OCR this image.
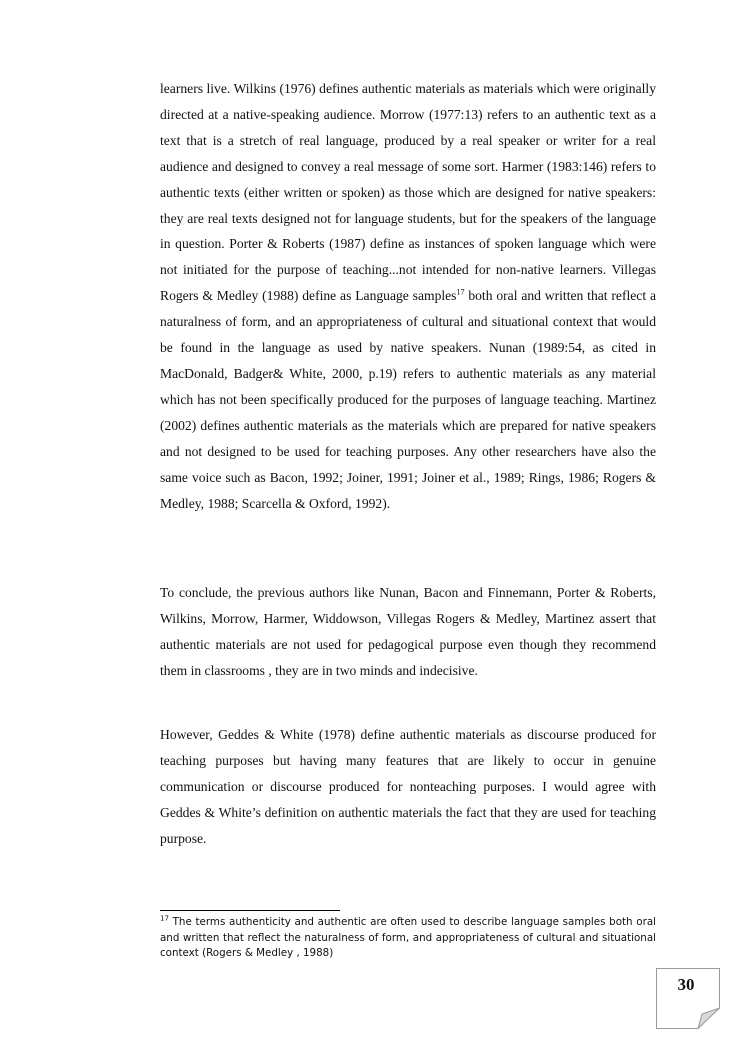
learners live. Wilkins (1976) defines authentic materials as materials which were originally directed at a native-speaking audience. Morrow (1977:13) refers to an authentic text as a text that is a stretch of real language, produced by a real speaker or writer for a real audience and designed to convey a real message of some sort. Harmer (1983:146) refers to authentic texts (either written or spoken) as those which are designed for native speakers: they are real texts designed not for language students, but for the speakers of the language in question. Porter & Roberts (1987) define as instances of spoken language which were not initiated for the purpose of teaching...not intended for non-native learners. Villegas Rogers & Medley (1988) define as Language samples$^{17}$ both oral and written that reflect a naturalness of form, and an appropriateness of cultural and situational context that would be found in the language as used by native speakers. Nunan (1989:54, as cited in MacDonald, Badger& White, 2000, p.19) refers to authentic materials as any material which has not been specifically produced for the purposes of language teaching. Martinez (2002) defines authentic materials as the materials which are prepared for native speakers and not designed to be used for teaching purposes. Any other researchers have also the same voice such as Bacon, 1992; Joiner, 1991; Joiner et al., 1989; Rings, 1986; Rogers & Medley, 1988; Scarcella & Oxford, 1992).

To conclude, the previous authors like Nunan, Bacon and Finnemann, Porter & Roberts, Wilkins, Morrow, Harmer, Widdowson, Villegas Rogers & Medley, Martinez assert that authentic materials are not used for pedagogical purpose even though they recommend them in classrooms , they are in two minds and indecisive.

However, Geddes & White (1978) define authentic materials as discourse produced for teaching purposes but having many features that are likely to occur in genuine communication or discourse produced for nonteaching purposes. I would agree with Geddes & White’s definition on authentic materials the fact that they are used for teaching purpose.

$^{17}$ The terms authenticity and authentic are often used to describe language samples both oral and written that reflect the naturalness of form, and appropriateness of cultural and situational context (Rogers & Medley , 1988)

30
